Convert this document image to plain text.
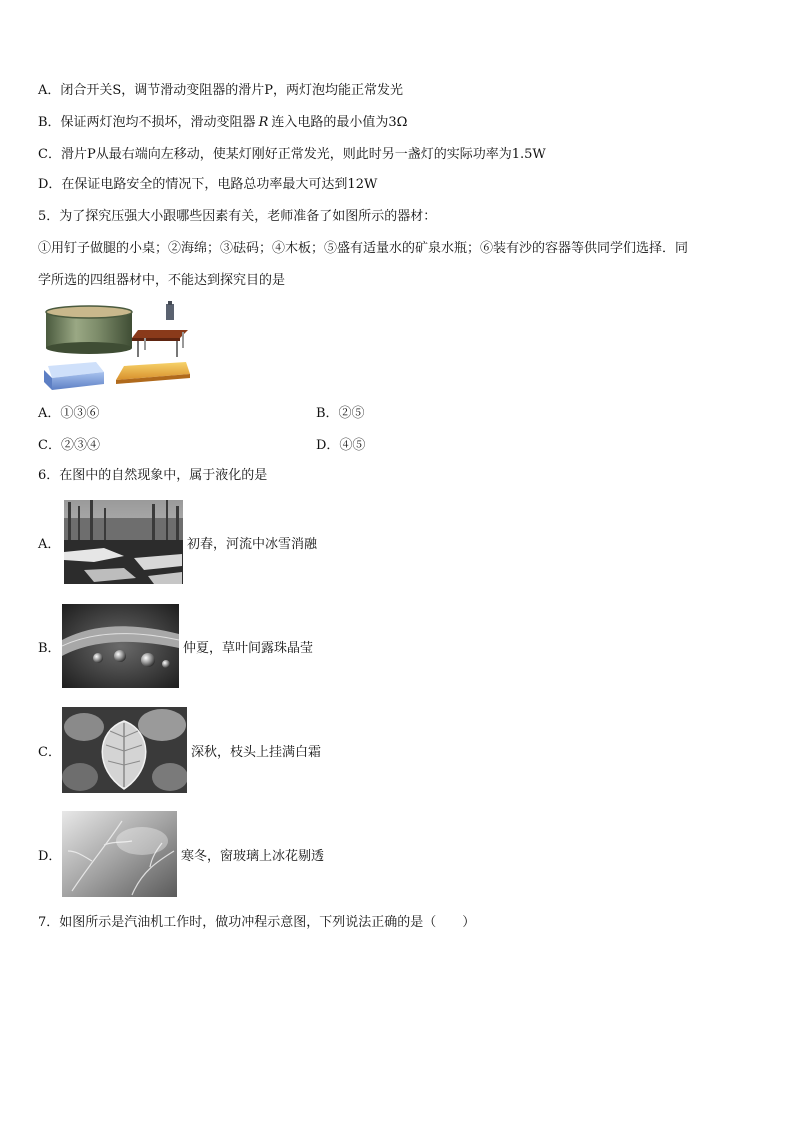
A．闭合开关S，调节滑动变阻器的滑片P，两灯泡均能正常发光
B．保证两灯泡均不损坏，滑动变阻器 R 连入电路的最小值为3Ω
C．滑片P从最右端向左移动，使某灯刚好正常发光，则此时另一盏灯的实际功率为1.5W
D．在保证电路安全的情况下，电路总功率最大可达到12W
5．为了探究压强大小跟哪些因素有关，老师准备了如图所示的器材：
①用钉子做腿的小桌；②海绵；③砝码；④木板；⑤盛有适量水的矿泉水瓶；⑥装有沙的容器等供同学们选择．同
学所选的四组器材中，不能达到探究目的是
A．①③⑥	B．②⑤
C．②③④	D．④⑤
6．在图中的自然现象中，属于液化的是
A．	初春，河流中冰雪消融
B．	仲夏，草叶间露珠晶莹
C．	深秋，枝头上挂满白霜
D．	寒冬，窗玻璃上冰花剔透
7．如图所示是汽油机工作时，做功冲程示意图，下列说法正确的是（　　）
